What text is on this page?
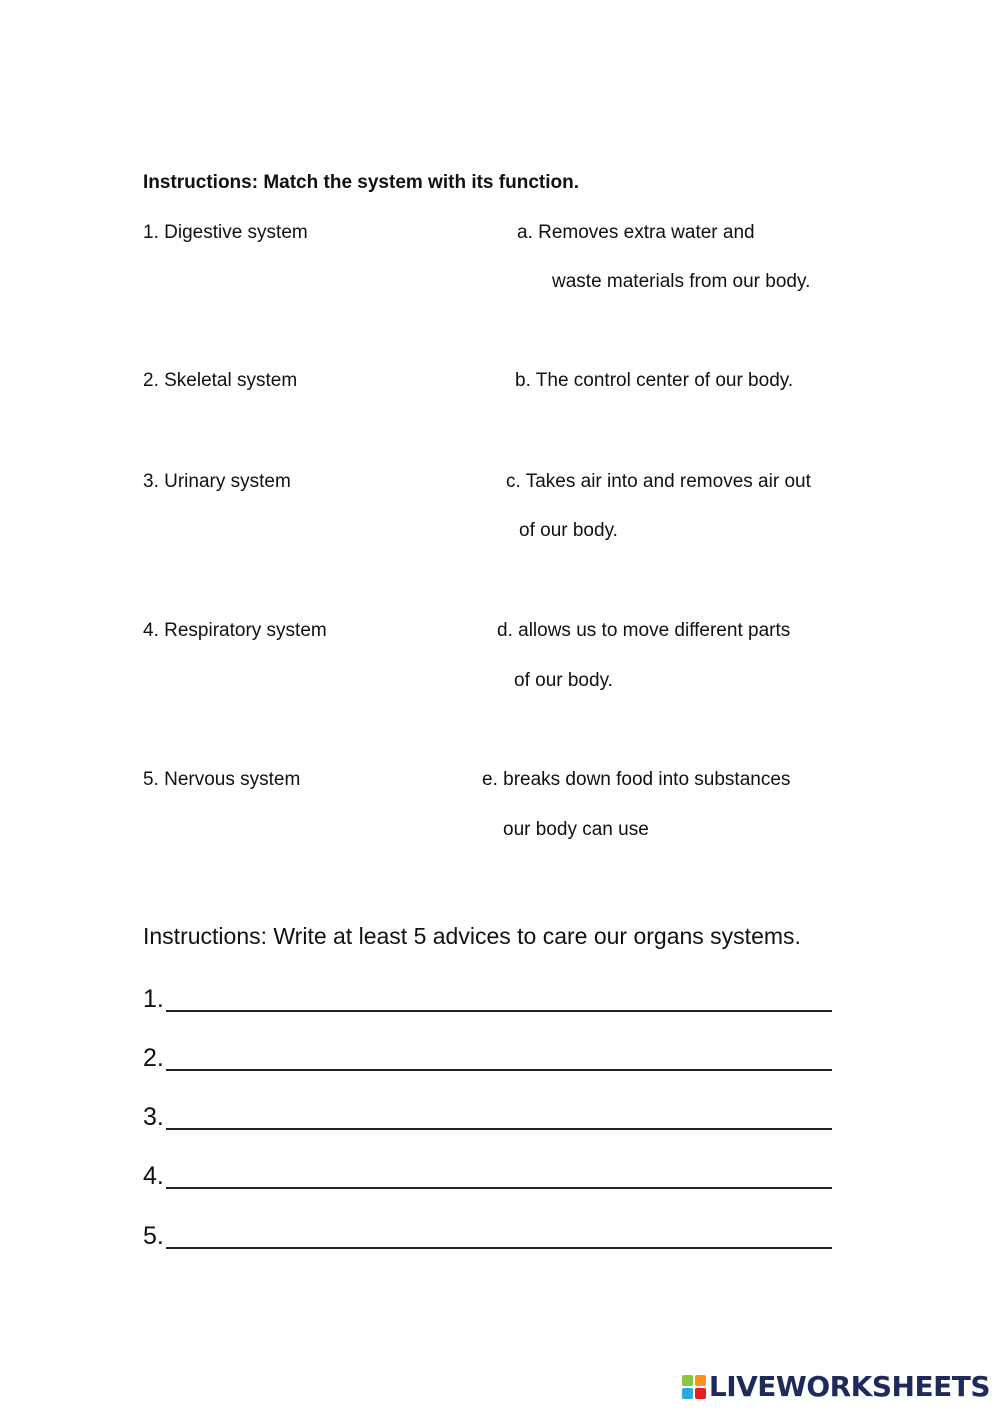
Instructions: Match the system with its function.
1. Digestive system
2. Skeletal system
3. Urinary system
4. Respiratory system
5. Nervous system
a. Removes extra water and
waste materials from our body.
b. The control center of our body.
c. Takes air into and removes air out
of our body.
d. allows us to move different parts
of our body.
e. breaks down food into substances
our body can use
Instructions: Write at least 5 advices to care our organs systems.
1.
2.
3.
4.
5.
LIVEWORKSHEETS
